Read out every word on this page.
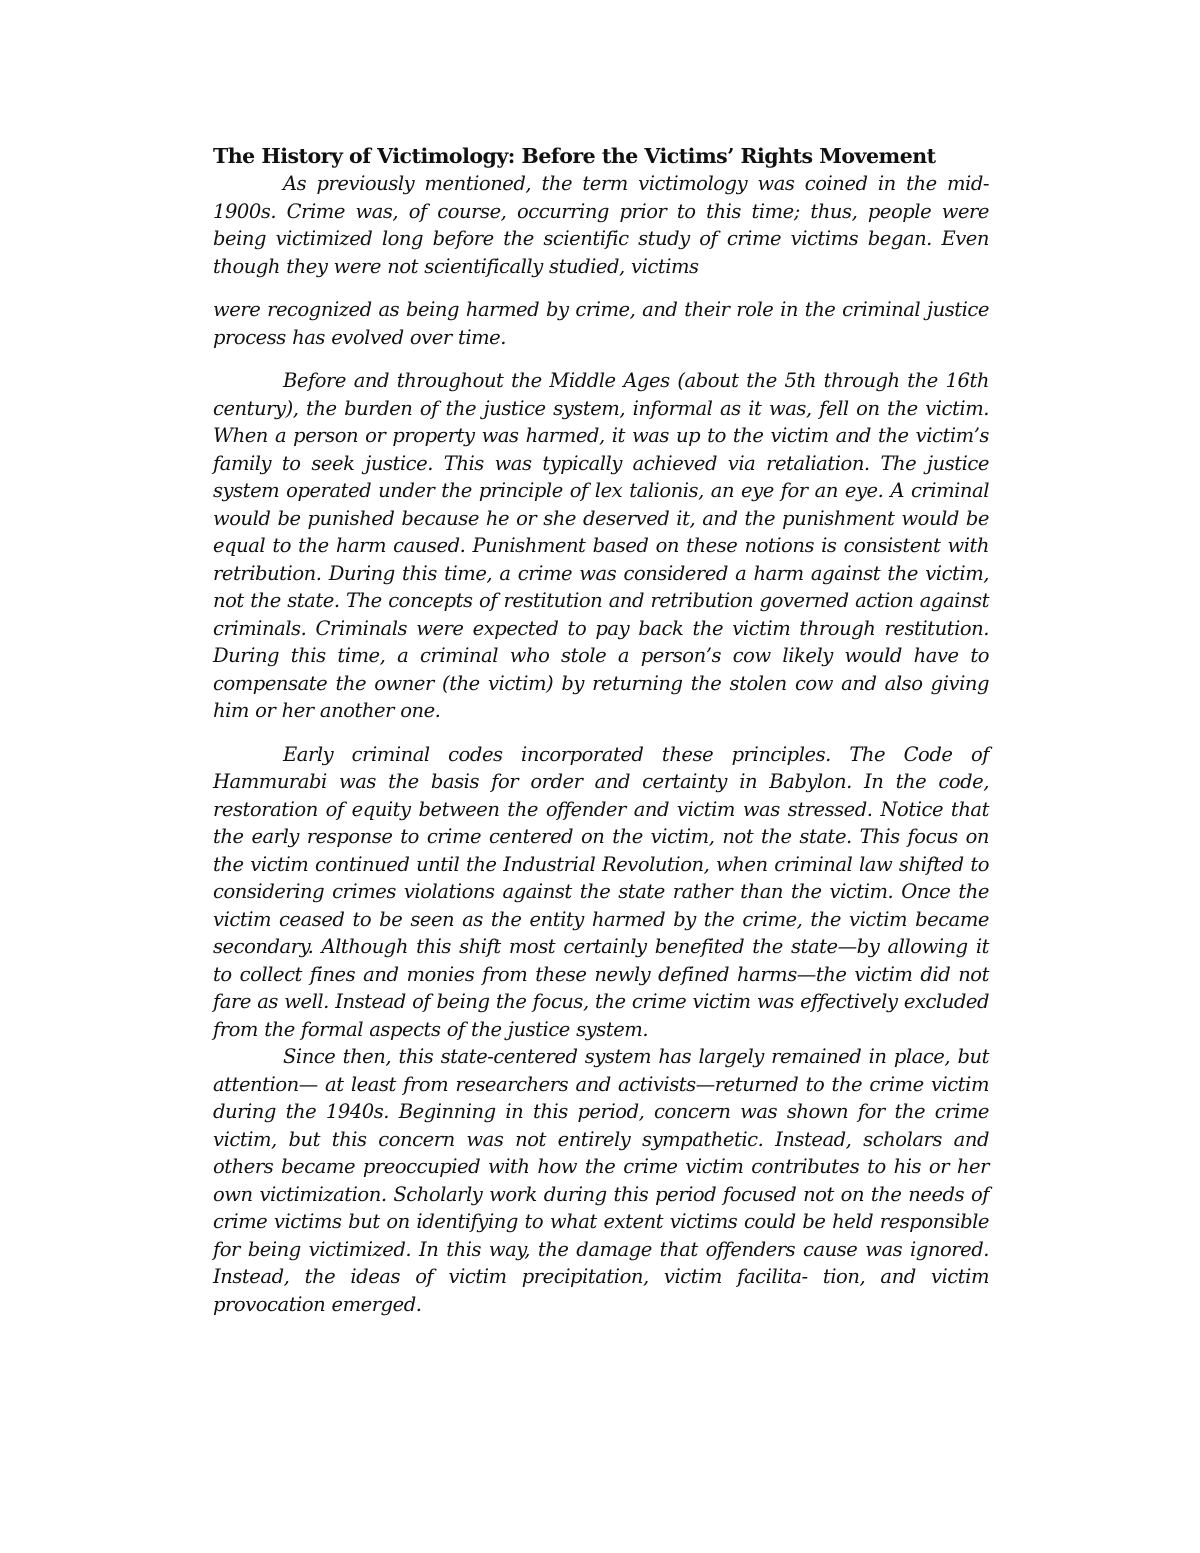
The History of Victimology: Before the Victims’ Rights Movement

As previously mentioned, the term victimology was coined in the mid-1900s. Crime was, of course, occurring prior to this time; thus, people were being victimized long before the scientific study of crime victims began. Even though they were not scientifically studied, victims

were recognized as being harmed by crime, and their role in the criminal justice process has evolved over time.

Before and throughout the Middle Ages (about the 5th through the 16th century), the burden of the justice system, informal as it was, fell on the victim. When a person or property was harmed, it was up to the victim and the victim’s family to seek justice. This was typically achieved via retaliation. The justice system operated under the principle of lex talionis, an eye for an eye. A criminal would be punished because he or she deserved it, and the punishment would be equal to the harm caused. Punishment based on these notions is consistent with retribution. During this time, a crime was considered a harm against the victim, not the state. The concepts of restitution and retribution governed action against criminals. Criminals were expected to pay back the victim through restitution. During this time, a criminal who stole a person’s cow likely would have to compensate the owner (the victim) by returning the stolen cow and also giving him or her another one.

Early criminal codes incorporated these principles. The Code of Hammurabi was the basis for order and certainty in Babylon. In the code, restoration of equity between the offender and victim was stressed. Notice that the early response to crime centered on the victim, not the state. This focus on the victim continued until the Industrial Revolution, when criminal law shifted to considering crimes violations against the state rather than the victim. Once the victim ceased to be seen as the entity harmed by the crime, the victim became secondary. Although this shift most certainly benefited the state—by allowing it to collect fines and monies from these newly defined harms—the victim did not fare as well. Instead of being the focus, the crime victim was effectively excluded from the formal aspects of the justice system.

Since then, this state-centered system has largely remained in place, but attention— at least from researchers and activists—returned to the crime victim during the 1940s. Beginning in this period, concern was shown for the crime victim, but this concern was not entirely sympathetic. Instead, scholars and others became preoccupied with how the crime victim contributes to his or her own victimization. Scholarly work during this period focused not on the needs of crime victims but on identifying to what extent victims could be held responsible for being victimized. In this way, the damage that offenders cause was ignored. Instead, the ideas of victim precipitation, victim facilita- tion, and victim provocation emerged.
